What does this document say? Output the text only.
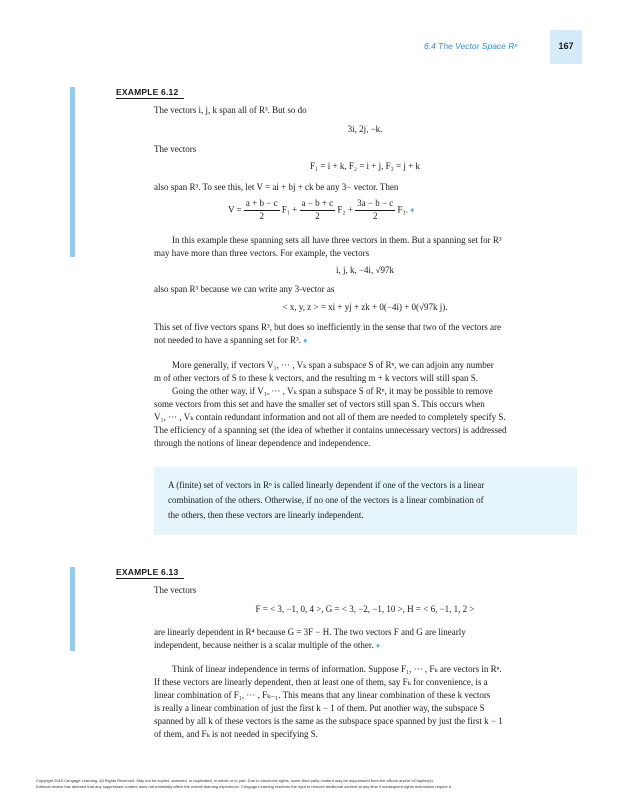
6.4 The Vector Space Rⁿ	167
EXAMPLE 6.12
The vectors i, j, k span all of R³. But so do
3i, 2j, −k.
The vectors
F₁ = i + k, F₂ = i + j, F₃ = j + k
also span R³. To see this, let V = ai + bj + ck be any 3− vector. Then
$V = \frac{a + b - c}{2} F_1 + \frac{a - b + c}{2} F_2 + \frac{3a - b - c}{2} F_3$. ♦
In this example these spanning sets all have three vectors in them. But a spanning set for R³
may have more than three vectors. For example, the vectors
i, j, k, −4i, √97k
also span R³ because we can write any 3-vector as
< x, y, z > = xi + yj + zk + 0(−4i) + 0(√97k j).
This set of five vectors spans R³, but does so inefficiently in the sense that two of the vectors are
not needed to have a spanning set for R³. ♦
More generally, if vectors V₁, ··· , Vₖ span a subspace S of Rⁿ, we can adjoin any number
m of other vectors of S to these k vectors, and the resulting m + k vectors will still span S.
Going the other way, if V₁, ··· , Vₖ span a subspace S of Rⁿ, it may be possible to remove
some vectors from this set and have the smaller set of vectors still span S. This occurs when
V₁, ··· , Vₖ contain redundant information and not all of them are needed to completely specify S.
The efficiency of a spanning set (the idea of whether it contains unnecessary vectors) is addressed
through the notions of linear dependence and independence.

A (finite) set of vectors in Rⁿ is called linearly dependent if one of the vectors is a linear

combination of the others. Otherwise, if no one of the vectors is a linear combination of

the others, then these vectors are linearly independent.

EXAMPLE 6.13
The vectors
F = < 3, −1, 0, 4 >, G = < 3, −2, −1, 10 >, H = < 6, −1, 1, 2 >
are linearly dependent in R⁴ because G = 3F − H. The two vectors F and G are linearly
independent, because neither is a scalar multiple of the other. ♦
Think of linear independence in terms of information. Suppose F₁, ··· , Fₖ are vectors in Rⁿ.
If these vectors are linearly dependent, then at least one of them, say Fₖ for convenience, is a
linear combination of F₁, ··· , Fₖ₋₁. This means that any linear combination of these k vectors
is really a linear combination of just the first k − 1 of them. Put another way, the subspace S
spanned by all k of these vectors is the same as the subspace space spanned by just the first k − 1
of them, and Fₖ is not needed in specifying S.
Copyright 2010 Cengage Learning. All Rights Reserved. May not be copied, scanned, or duplicated, in whole or in part. Due to electronic rights, some third party content may be suppressed from the eBook and/or eChapter(s).
Editorial review has deemed that any suppressed content does not materially affect the overall learning experience. Cengage Learning reserves the right to remove additional content at any time if subsequent rights restrictions require it.
